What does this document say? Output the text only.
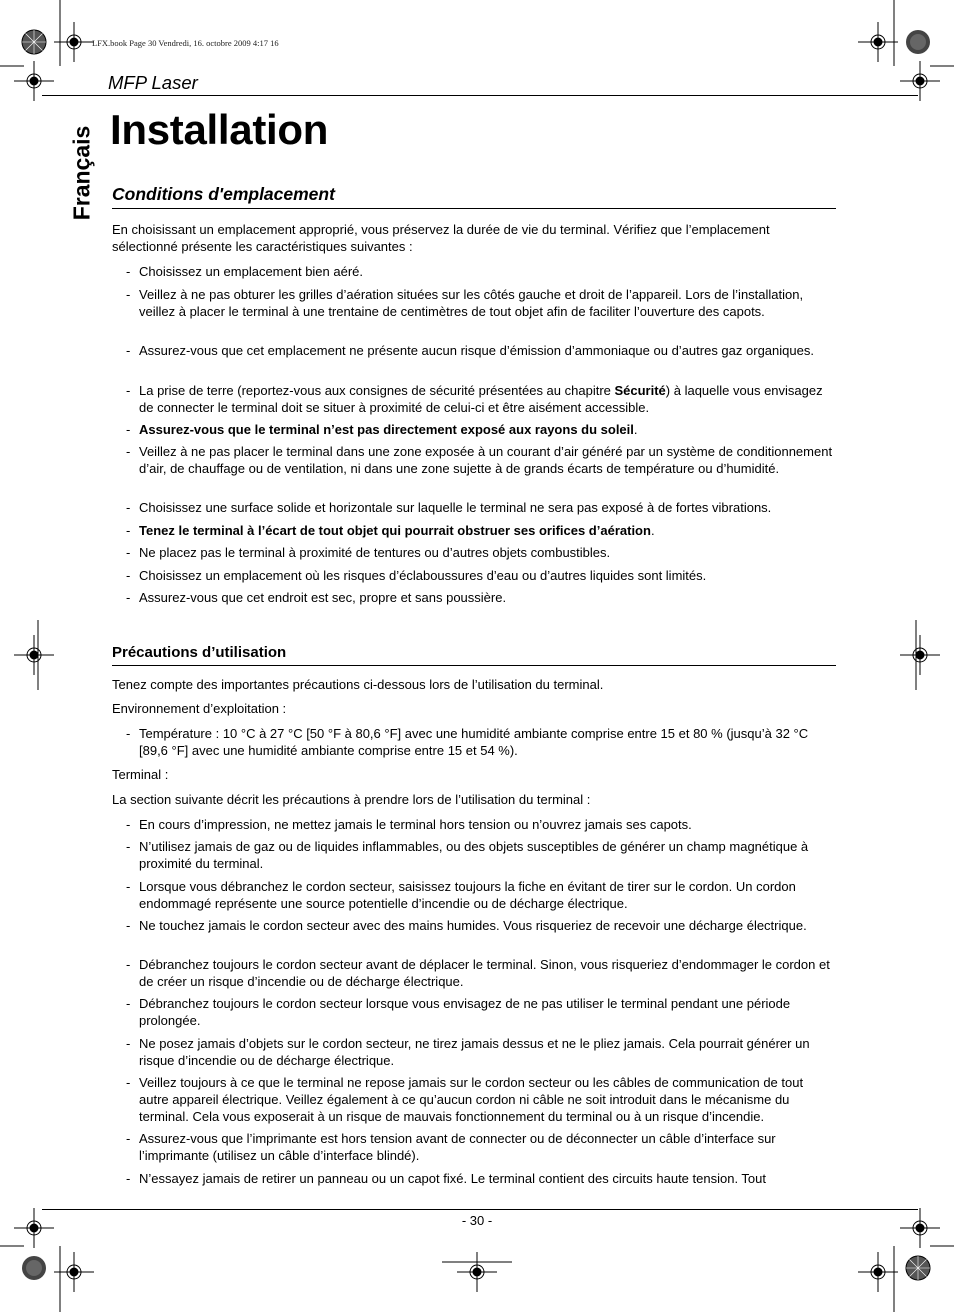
LFX.book Page 30 Vendredi, 16. octobre 2009 4:17 16
MFP Laser
Français Installation
Conditions d'emplacement
En choisissant un emplacement approprié, vous préservez la durée de vie du terminal. Vérifiez que l’emplacement sélectionné présente les caractéristiques suivantes :
- Choisissez un emplacement bien aéré.
- Veillez à ne pas obturer les grilles d’aération situées sur les côtés gauche et droit de l’appareil. Lors de l’installation, veillez à placer le terminal à une trentaine de centimètres de tout objet afin de faciliter l’ouverture des capots.
- Assurez-vous que cet emplacement ne présente aucun risque d’émission d’ammoniaque ou d’autres gaz organiques.
- La prise de terre (reportez-vous aux consignes de sécurité présentées au chapitre Sécurité) à laquelle vous envisagez de connecter le terminal doit se situer à proximité de celui-ci et être aisément accessible.
- Assurez-vous que le terminal n’est pas directement exposé aux rayons du soleil.
- Veillez à ne pas placer le terminal dans une zone exposée à un courant d’air généré par un système de conditionnement d’air, de chauffage ou de ventilation, ni dans une zone sujette à de grands écarts de température ou d’humidité.
- Choisissez une surface solide et horizontale sur laquelle le terminal ne sera pas exposé à de fortes vibrations.
- Tenez le terminal à l’écart de tout objet qui pourrait obstruer ses orifices d’aération.
- Ne placez pas le terminal à proximité de tentures ou d’autres objets combustibles.
- Choisissez un emplacement où les risques d’éclaboussures d’eau ou d’autres liquides sont limités.
- Assurez-vous que cet endroit est sec, propre et sans poussière.
Précautions d’utilisation
Tenez compte des importantes précautions ci-dessous lors de l’utilisation du terminal.
Environnement d’exploitation :
- Température : 10 °C à 27 °C [50 °F à 80,6 °F] avec une humidité ambiante comprise entre 15 et 80 % (jusqu’à 32 °C [89,6 °F] avec une humidité ambiante comprise entre 15 et 54 %).
Terminal :
La section suivante décrit les précautions à prendre lors de l’utilisation du terminal :
- En cours d’impression, ne mettez jamais le terminal hors tension ou n’ouvrez jamais ses capots.
- N’utilisez jamais de gaz ou de liquides inflammables, ou des objets susceptibles de générer un champ magnétique à proximité du terminal.
- Lorsque vous débranchez le cordon secteur, saisissez toujours la fiche en évitant de tirer sur le cordon. Un cordon endommagé représente une source potentielle d’incendie ou de décharge électrique.
- Ne touchez jamais le cordon secteur avec des mains humides. Vous risqueriez de recevoir une décharge électrique.
- Débranchez toujours le cordon secteur avant de déplacer le terminal. Sinon, vous risqueriez d’endommager le cordon et de créer un risque d’incendie ou de décharge électrique.
- Débranchez toujours le cordon secteur lorsque vous envisagez de ne pas utiliser le terminal pendant une période prolongée.
- Ne posez jamais d’objets sur le cordon secteur, ne tirez jamais dessus et ne le pliez jamais. Cela pourrait générer un risque d’incendie ou de décharge électrique.
- Veillez toujours à ce que le terminal ne repose jamais sur le cordon secteur ou les câbles de communication de tout autre appareil électrique. Veillez également à ce qu’aucun cordon ni câble ne soit introduit dans le mécanisme du terminal. Cela vous exposerait à un risque de mauvais fonctionnement du terminal ou à un risque d’incendie.
- Assurez-vous que l’imprimante est hors tension avant de connecter ou de déconnecter un câble d’interface sur l’imprimante (utilisez un câble d’interface blindé).
- N’essayez jamais de retirer un panneau ou un capot fixé. Le terminal contient des circuits haute tension. Tout
- 30 -
